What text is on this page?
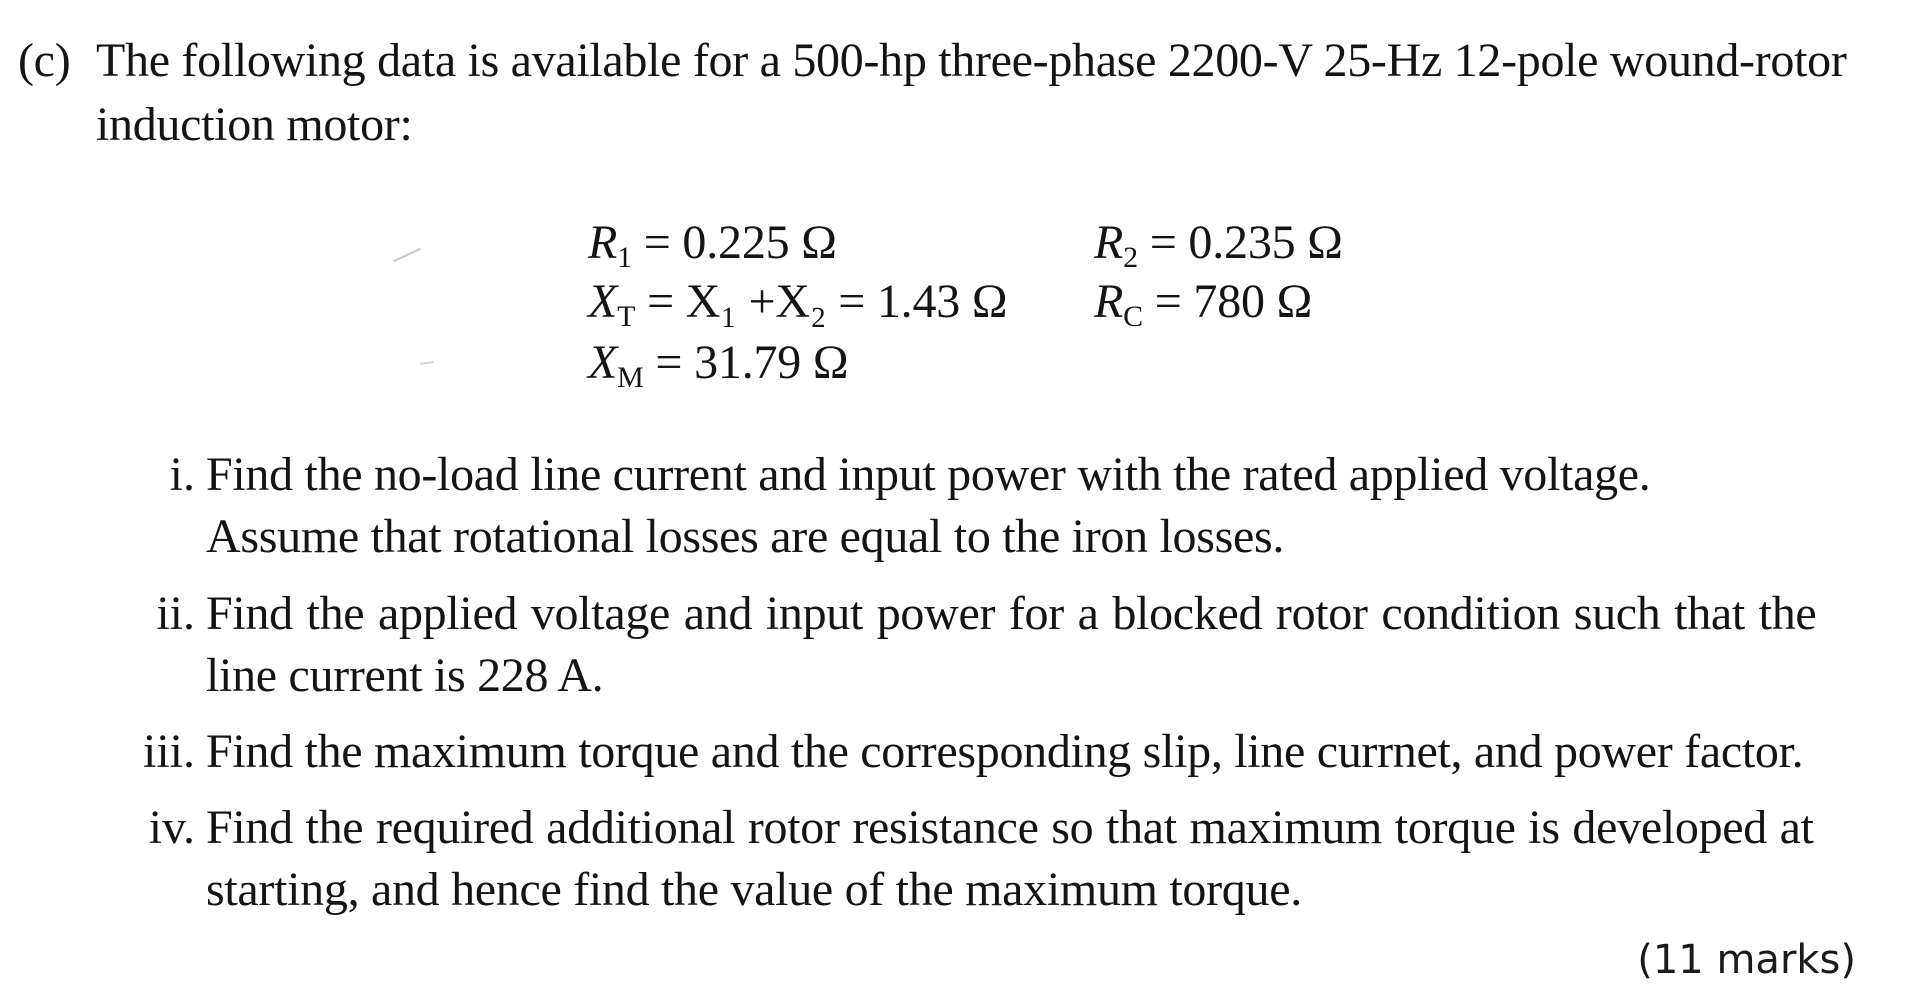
(c) The following data is available for a 500-hp three-phase 2200-V 25-Hz 12-pole wound-rotor
induction motor:
$R_1 = 0.225$ Ω	$R_2 = 0.235$ Ω
$X_T = X_1 +X_2 = 1.43$ Ω $R_C = 780$ Ω
$X_M = 31.79$ Ω
i. Find the no-load line current and input power with the rated applied voltage.
Assume that rotational losses are equal to the iron losses.
ii. Find the applied voltage and input power for a blocked rotor condition such that the
line current is 228 A.
iii. Find the maximum torque and the corresponding slip, line currnet, and power factor.
iv. Find the required additional rotor resistance so that maximum torque is developed at
starting, and hence find the value of the maximum torque.
(11 marks)
